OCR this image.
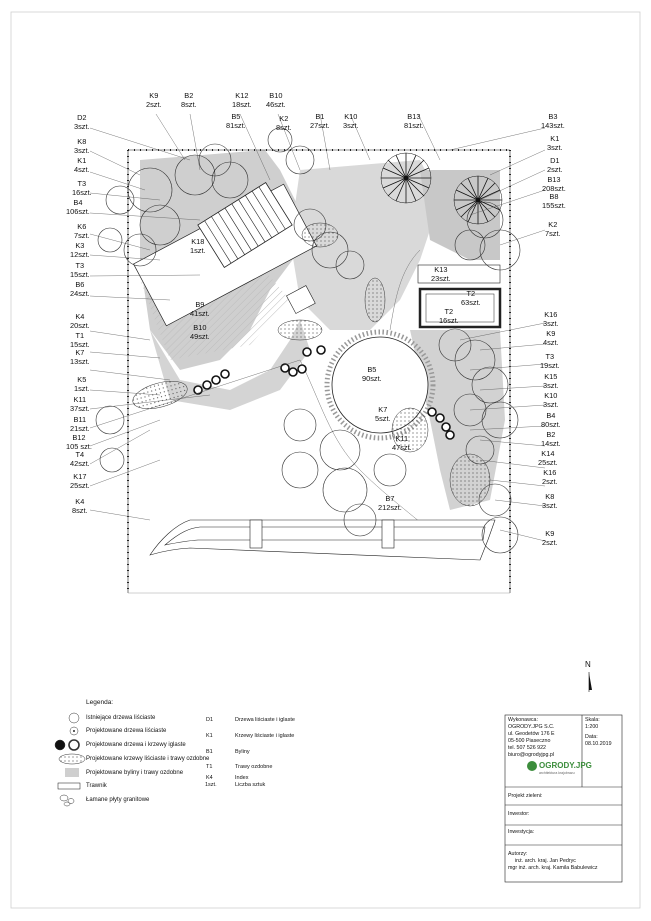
K9
2szt.
B2
8szt.
B5
81szt.
K12
18szt.
K2
8szt.
B10
46szt.
B1
27szt.
K10
3szt.
B13
81szt.
D2
3szt.
K8
3szt.
K1
4szt.
T3
16szt.
B4
106szt.
K6
7szt.
K3
12szt.
T3
15szt.
B6
24szt.
K4
20szt.
T1
15szt.
K7
13szt.
K5
1szt.
K11
37szt.
B11
21szt.
B12
105 szt.
T4
42szt.
K17
25szt.
K4
8szt.
B3
143szt.
K1
3szt.
D1
2szt.
B13
208szt.
B8
155szt.
K2
7szt.
K16
3szt.
K9
4szt.
T3
19szt.
K15
3szt.
K10
3szt.
B4
80szt.
B2
14szt.
K14
25szt.
K16
2szt.
K8
3szt.
K9
2szt.
K18
1szt.
K13
23szt.
T2
63szt.
T2
16szt.
B9
41szt.
B10
49szt.
B5
90szt.
K7
5szt.
K11
47szt.
B7
212szt.
N
Legenda:
Istniejące drzewa liściaste
Projektowane drzewa liściaste
Projektowane drzewa i krzewy iglaste
Projektowane krzewy liściaste i trawy ozdobne
Projektowane byliny i trawy ozdobne
Trawnik
Łamane płyty granitowe
D1	Drzewa liściaste i iglaste
K1	Krzewy liściaste i iglaste
B1	Byliny
T1	Trawy ozdobne
K4
1szt.
Index
Liczba sztuk
Wykonawca:
OGRODY.JPG S.C.
ul. Geodetów 176 E
05-500 Piaseczno
tel. 507 526 922
biuro@ogrodyjpg.pl
Skala:
1:200
Data:
08.10.2019
OGRODY.JPG
architektura krajobrazu
Projekt zieleni:
Inwestor:
Inwestycja:
Autorzy:
inż. arch. kraj. Jan Pedryc
mgr inż. arch. kraj. Kamila Babulewicz
